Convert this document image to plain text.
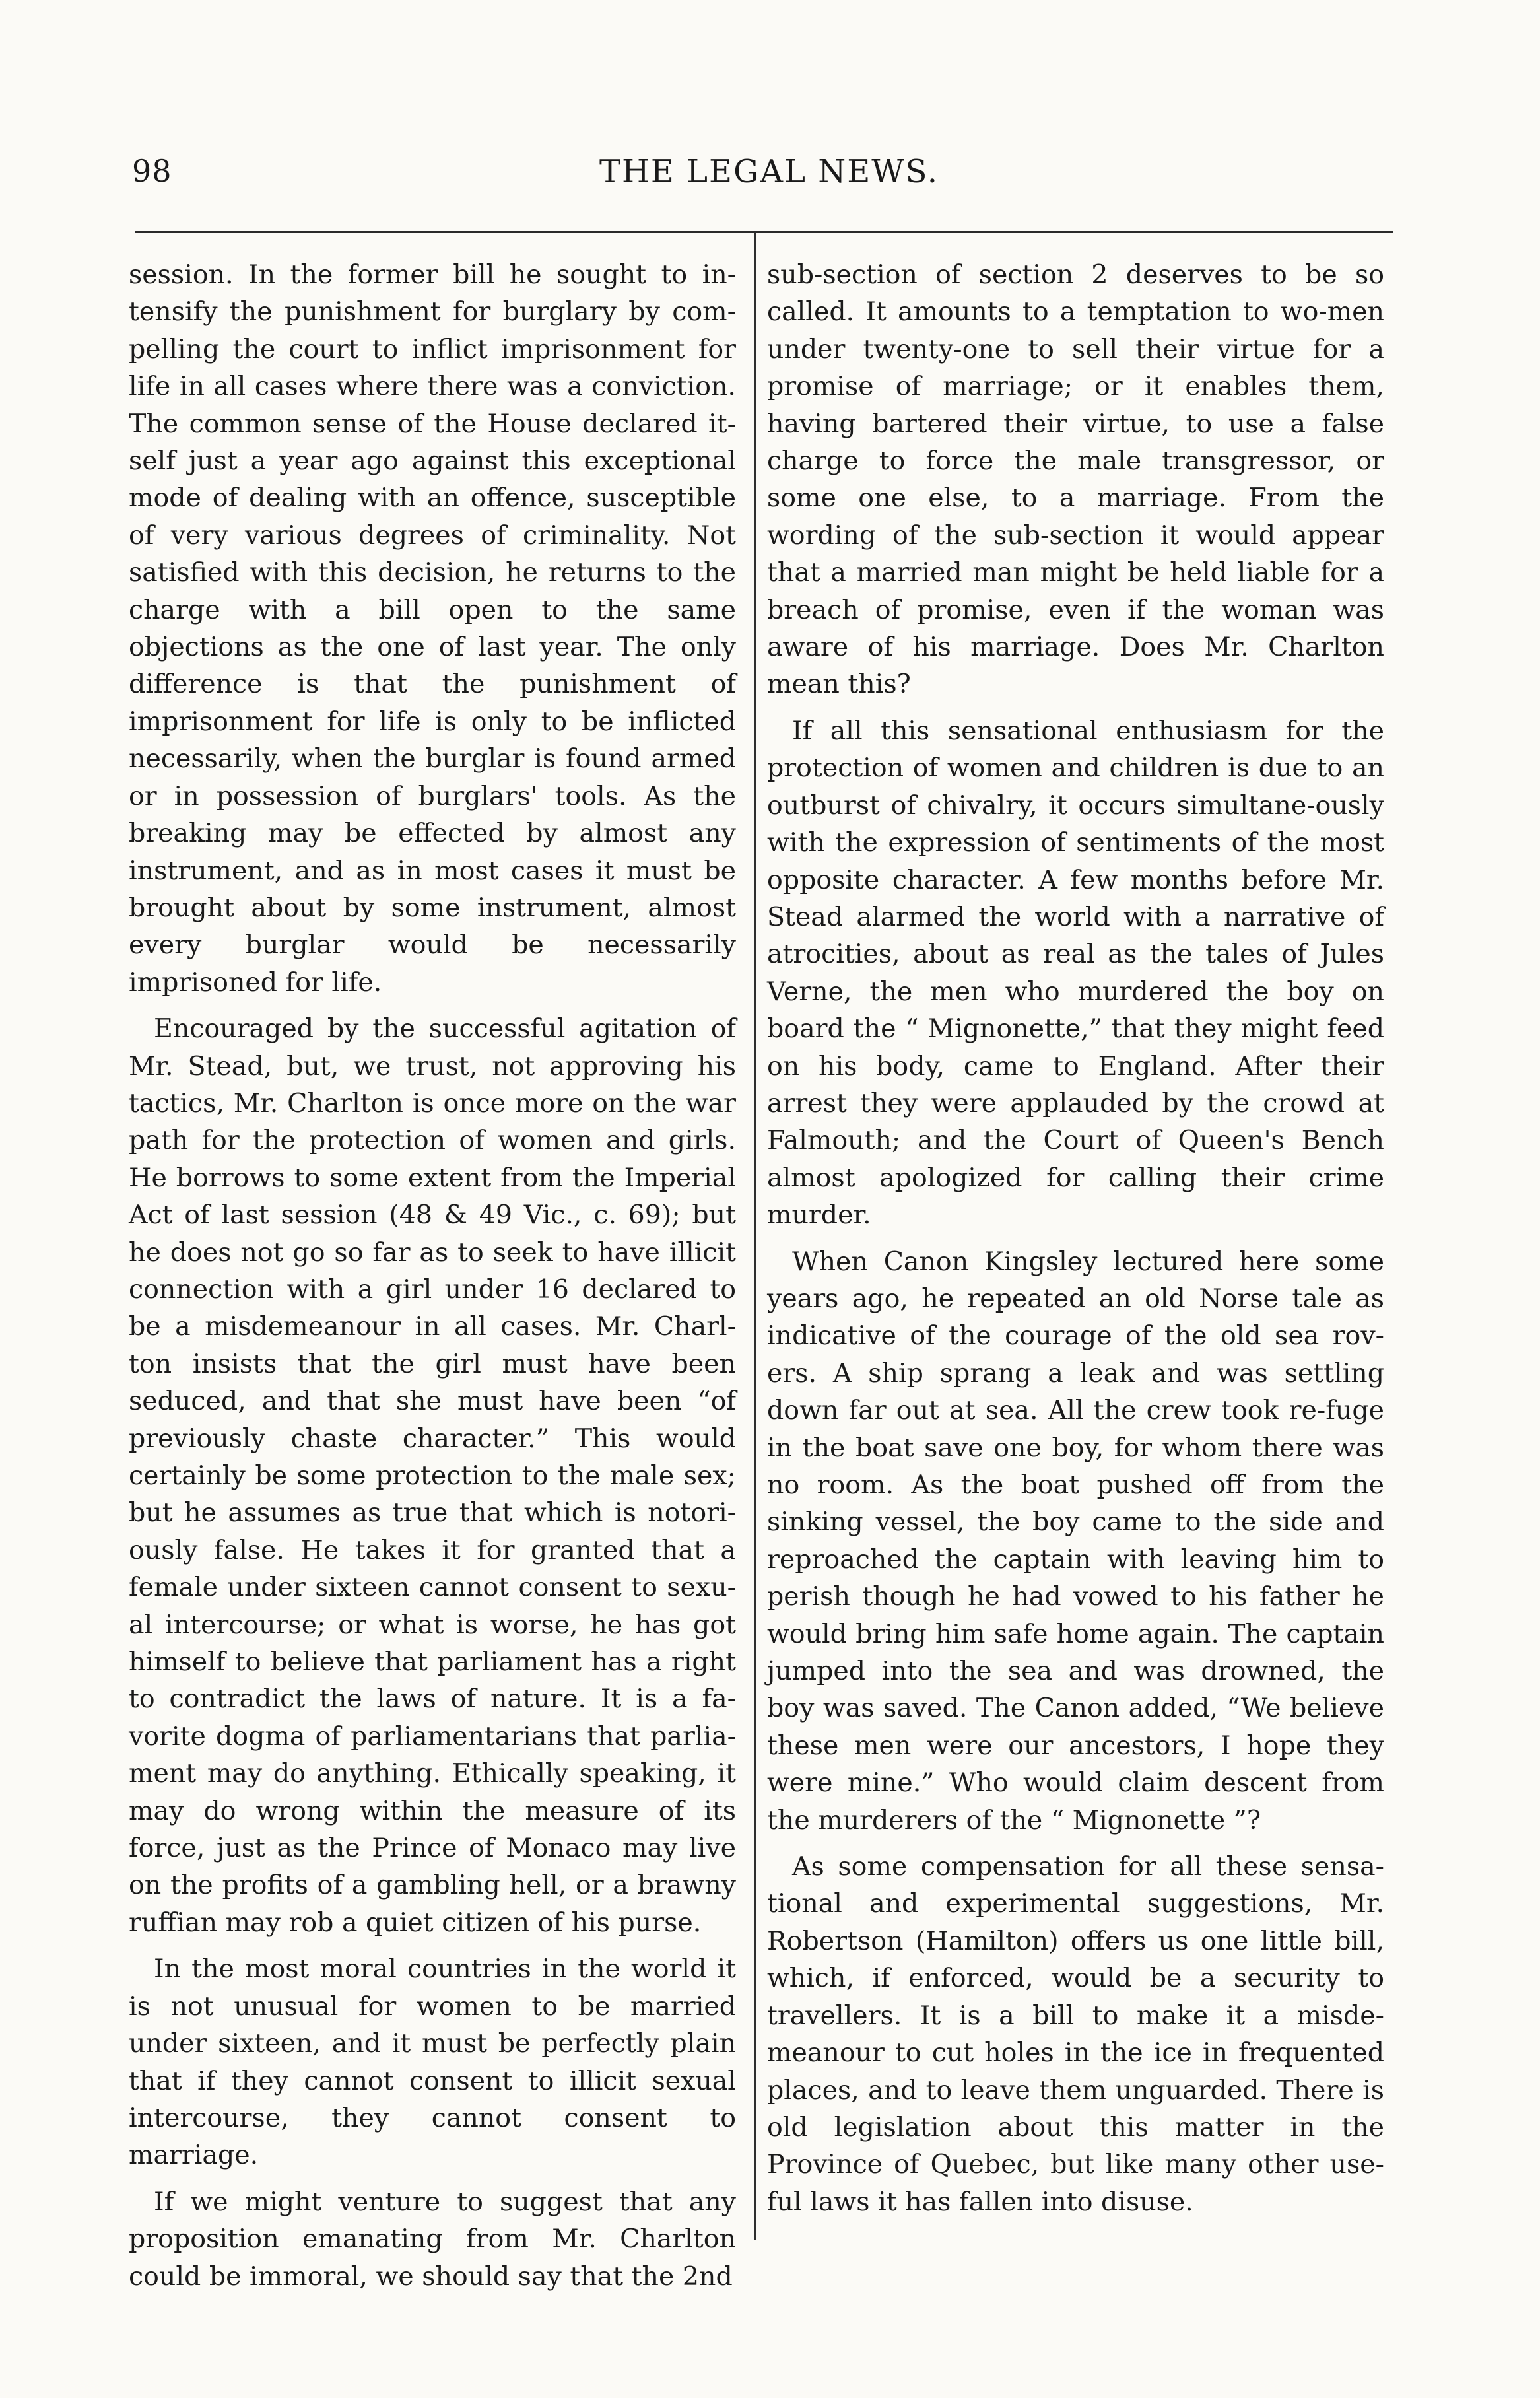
98	THE LEGAL NEWS.

session. In the former bill he sought to in-tensify the punishment for burglary by com-pelling the court to inflict imprisonment for life in all cases where there was a conviction. The common sense of the House declared it-self just a year ago against this exceptional mode of dealing with an offence, susceptible of very various degrees of criminality. Not satisfied with this decision, he returns to the charge with a bill open to the same objections as the one of last year. The only difference is that the punishment of imprisonment for life is only to be inflicted necessarily, when the burglar is found armed or in possession of burglars' tools. As the breaking may be effected by almost any instrument, and as in most cases it must be brought about by some instrument, almost every burglar would be necessarily imprisoned for life.

Encouraged by the successful agitation of Mr. Stead, but, we trust, not approving his tactics, Mr. Charlton is once more on the war path for the protection of women and girls. He borrows to some extent from the Imperial Act of last session (48 & 49 Vic., c. 69); but he does not go so far as to seek to have illicit connection with a girl under 16 declared to be a misdemeanour in all cases. Mr. Charl-ton insists that the girl must have been seduced, and that she must have been “of previously chaste character.” This would certainly be some protection to the male sex; but he assumes as true that which is notori-ously false. He takes it for granted that a female under sixteen cannot consent to sexu-al intercourse; or what is worse, he has got himself to believe that parliament has a right to contradict the laws of nature. It is a fa-vorite dogma of parliamentarians that parlia-ment may do anything. Ethically speaking, it may do wrong within the measure of its force, just as the Prince of Monaco may live on the profits of a gambling hell, or a brawny ruffian may rob a quiet citizen of his purse.

In the most moral countries in the world it is not unusual for women to be married under sixteen, and it must be perfectly plain that if they cannot consent to illicit sexual intercourse, they cannot consent to marriage.

If we might venture to suggest that any proposition emanating from Mr. Charlton could be immoral, we should say that the 2nd

sub-section of section 2 deserves to be so called. It amounts to a temptation to wo-men under twenty-one to sell their virtue for a promise of marriage; or it enables them, having bartered their virtue, to use a false charge to force the male transgressor, or some one else, to a marriage. From the wording of the sub-section it would appear that a married man might be held liable for a breach of promise, even if the woman was aware of his marriage. Does Mr. Charlton mean this?

If all this sensational enthusiasm for the protection of women and children is due to an outburst of chivalry, it occurs simultane-ously with the expression of sentiments of the most opposite character. A few months before Mr. Stead alarmed the world with a narrative of atrocities, about as real as the tales of Jules Verne, the men who murdered the boy on board the “ Mignonette,” that they might feed on his body, came to England. After their arrest they were applauded by the crowd at Falmouth; and the Court of Queen's Bench almost apologized for calling their crime murder.

When Canon Kingsley lectured here some years ago, he repeated an old Norse tale as indicative of the courage of the old sea rov-ers. A ship sprang a leak and was settling down far out at sea. All the crew took re-fuge in the boat save one boy, for whom there was no room. As the boat pushed off from the sinking vessel, the boy came to the side and reproached the captain with leaving him to perish though he had vowed to his father he would bring him safe home again. The captain jumped into the sea and was drowned, the boy was saved. The Canon added, “We believe these men were our ancestors, I hope they were mine.” Who would claim descent from the murderers of the “ Mignonette ”?

As some compensation for all these sensa-tional and experimental suggestions, Mr. Robertson (Hamilton) offers us one little bill, which, if enforced, would be a security to travellers. It is a bill to make it a misde-meanour to cut holes in the ice in frequented places, and to leave them unguarded. There is old legislation about this matter in the Province of Quebec, but like many other use-ful laws it has fallen into disuse.
